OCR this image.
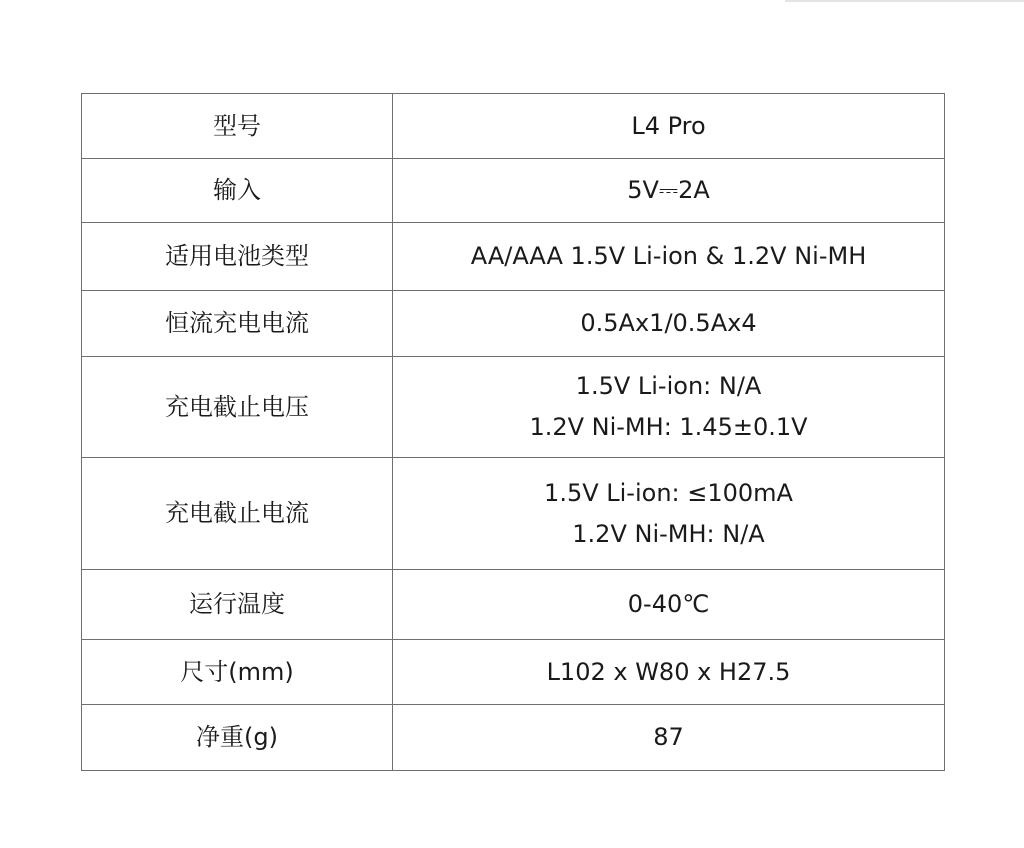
型号	L4 Pro

输入	5V⎓2A

适用电池类型	AA/AAA 1.5V Li-ion & 1.2V Ni-MH

恒流充电电流	0.5Ax1/0.5Ax4

充电截止电压	1.5V Li-ion: N/A
1.2V Ni-MH: 1.45±0.1V

充电截止电流	1.5V Li-ion: ≤100mA
1.2V Ni-MH: N/A

运行温度	0-40℃

尺寸(mm)	L102 x W80 x H27.5

净重(g)	87
